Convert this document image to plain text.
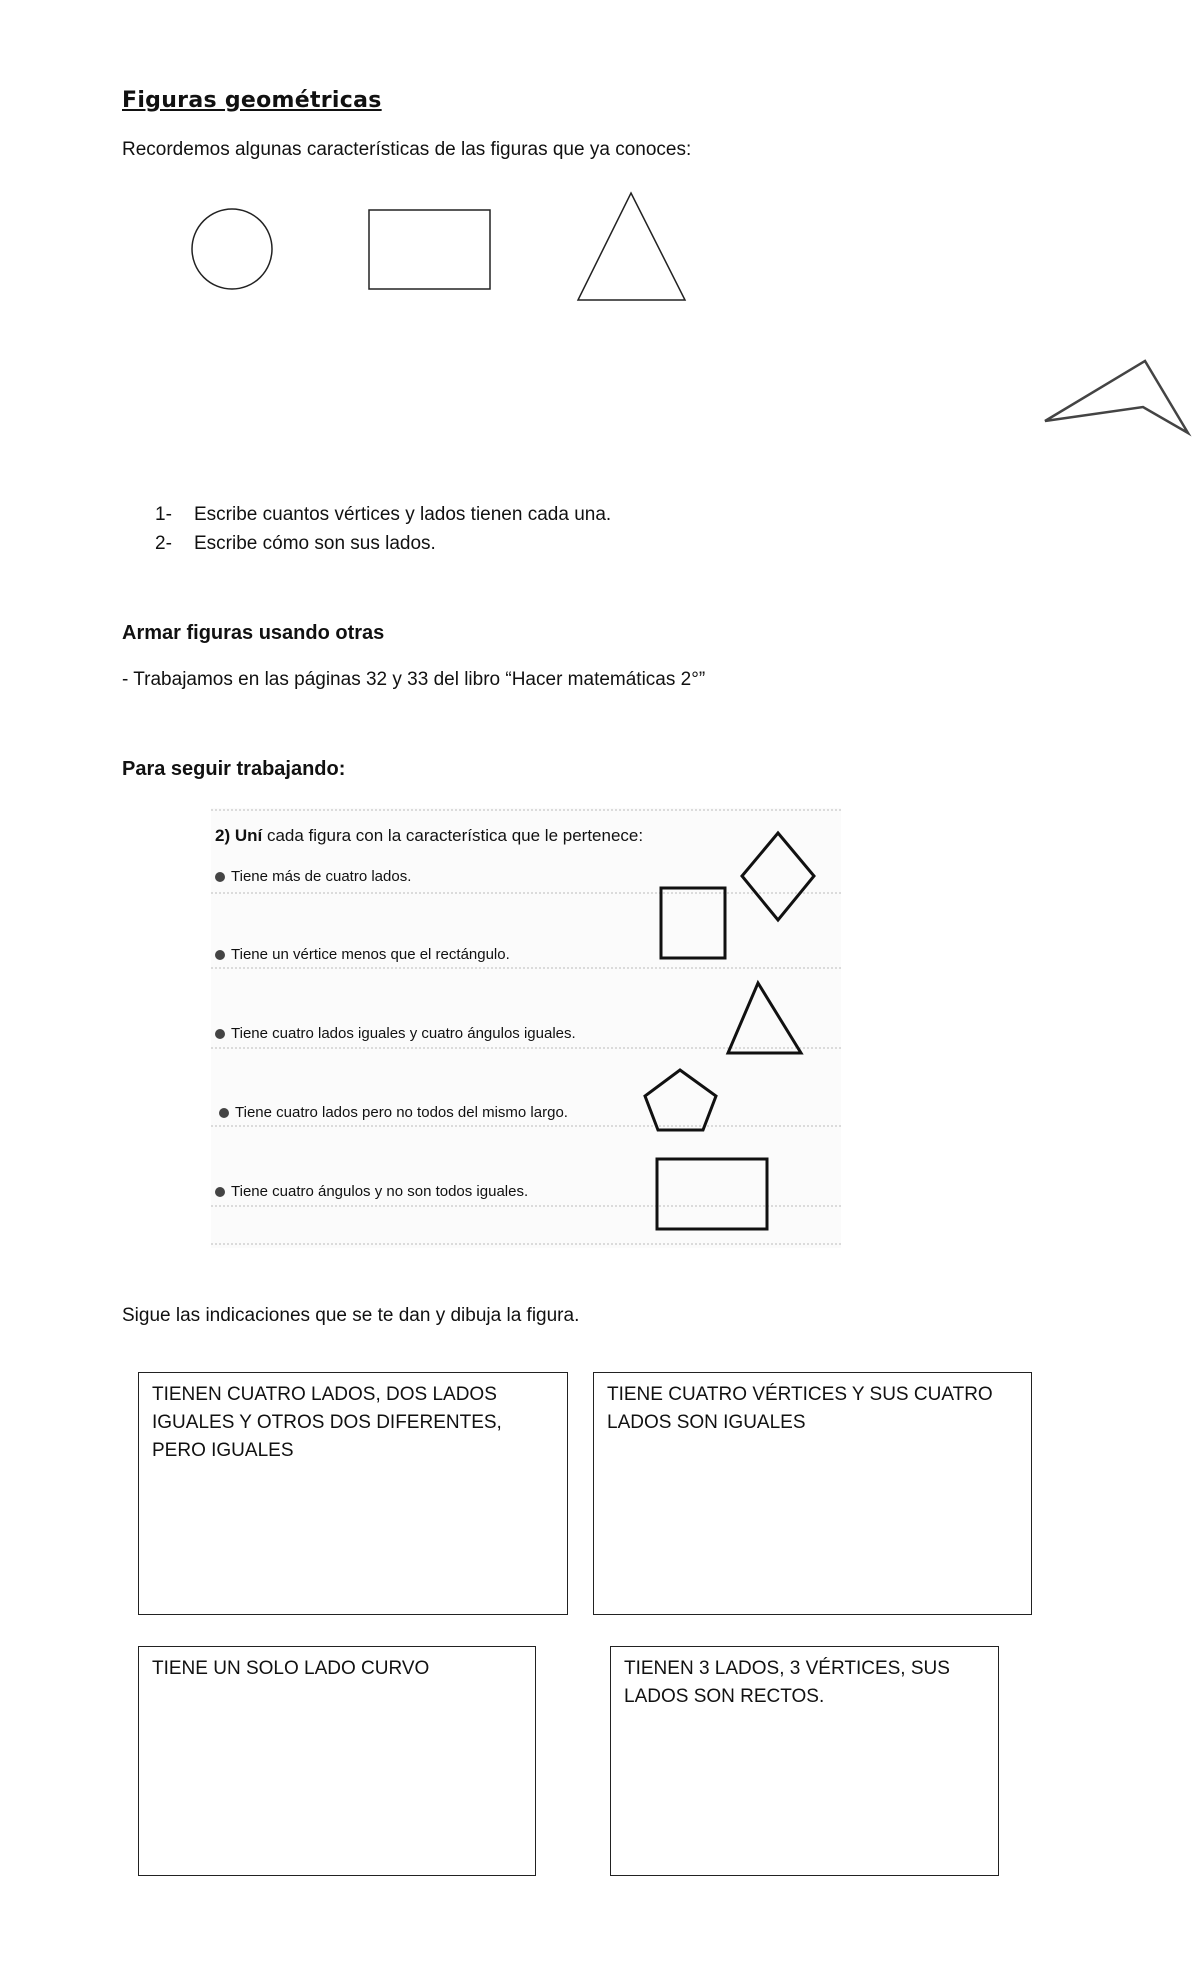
Figuras geométricas
Recordemos algunas características de las figuras que ya conoces:
1-	Escribe cuantos vértices y lados tienen cada una.
2-	Escribe cómo son sus lados.
Armar figuras usando otras
- Trabajamos en las páginas 32 y 33 del libro “Hacer matemáticas 2°”
Para seguir trabajando:
2) Uní cada figura con la característica que le pertenece:
Tiene más de cuatro lados.
Tiene un vértice menos que el rectángulo.
Tiene cuatro lados iguales y cuatro ángulos iguales.
Tiene cuatro lados pero no todos del mismo largo.
Tiene cuatro ángulos y no son todos iguales.
Sigue las indicaciones que se te dan y dibuja la figura.
TIENEN CUATRO LADOS, DOS LADOS IGUALES Y OTROS DOS DIFERENTES, PERO IGUALES
TIENE CUATRO VÉRTICES Y SUS CUATRO LADOS SON IGUALES
TIENE UN SOLO LADO CURVO	TIENEN 3 LADOS, 3 VÉRTICES, SUS LADOS SON RECTOS.
